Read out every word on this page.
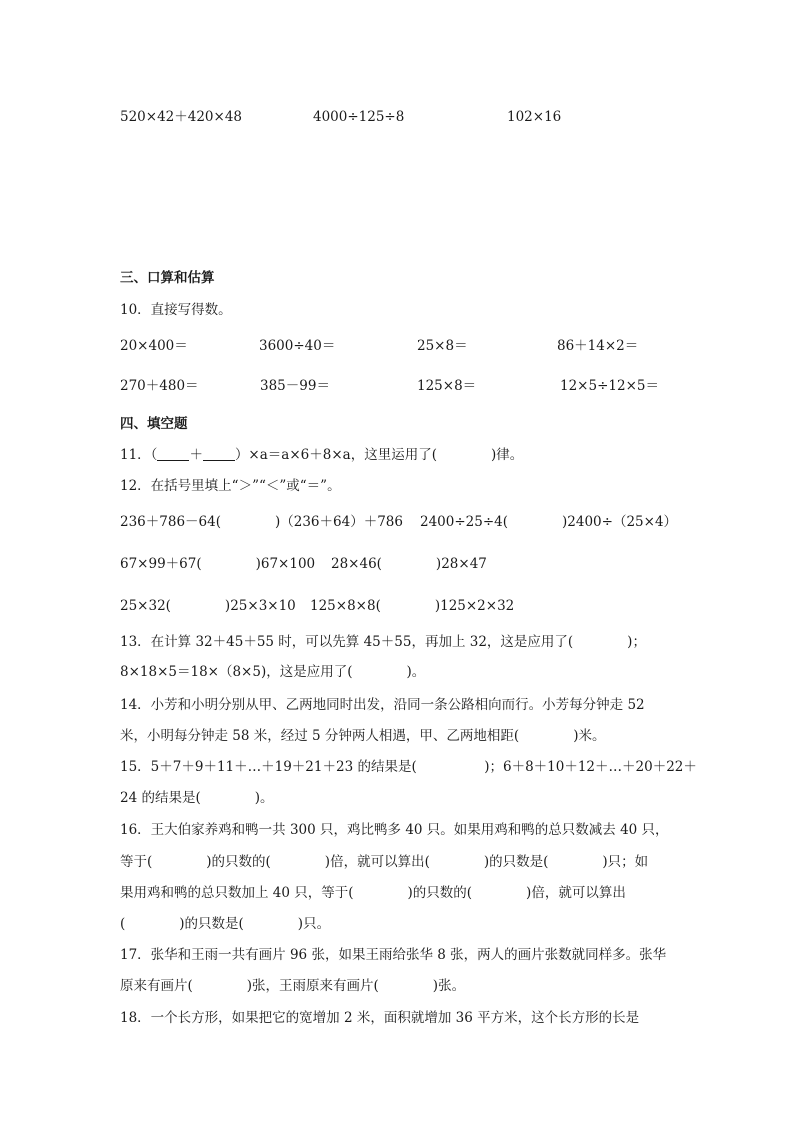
520×42＋420×48	4000÷125÷8	102×16
三、口算和估算
10．直接写得数。
20×400＝	3600÷40＝	25×8＝	86＋14×2＝
270＋480＝	385－99＝	125×8＝	12×5÷12×5＝
四、填空题
11．（ ＋ ）×a＝a×6＋8×a，这里运用了(　　　　)律。
12．在括号里填上“＞”“＜”或“＝”。
236＋786－64(　　　　)（236＋64）＋786 2400÷25÷4(　　　　)2400÷（25×4）
67×99＋67(　　　　)67×100 28×46(　　　　)28×47
25×32(　　　　)25×3×10 125×8×8(　　　　)125×2×32
13．在计算 32＋45＋55 时，可以先算 45＋55，再加上 32，这是应用了(　　　　)；
8×18×5＝18×（8×5)，这是应用了(　　　　)。
14．小芳和小明分别从甲、乙两地同时出发，沿同一条公路相向而行。小芳每分钟走 52
米，小明每分钟走 58 米，经过 5 分钟两人相遇，甲、乙两地相距(　　　　)米。
15．5＋7＋9＋11＋…＋19＋21＋23 的结果是(　　　　　)；6＋8＋10＋12＋…＋20＋22＋
24 的结果是(　　　　)。
16．王大伯家养鸡和鸭一共 300 只，鸡比鸭多 40 只。如果用鸡和鸭的总只数减去 40 只，
等于(　　　　)的只数的(　　　　)倍，就可以算出(　　　　)的只数是(　　　　)只；如
果用鸡和鸭的总只数加上 40 只，等于(　　　　)的只数的(　　　　)倍，就可以算出
(　　　　)的只数是(　　　　)只。
17．张华和王雨一共有画片 96 张，如果王雨给张华 8 张，两人的画片张数就同样多。张华
原来有画片(　　　　)张，王雨原来有画片(　　　　)张。
18．一个长方形，如果把它的宽增加 2 米，面积就增加 36 平方米，这个长方形的长是
